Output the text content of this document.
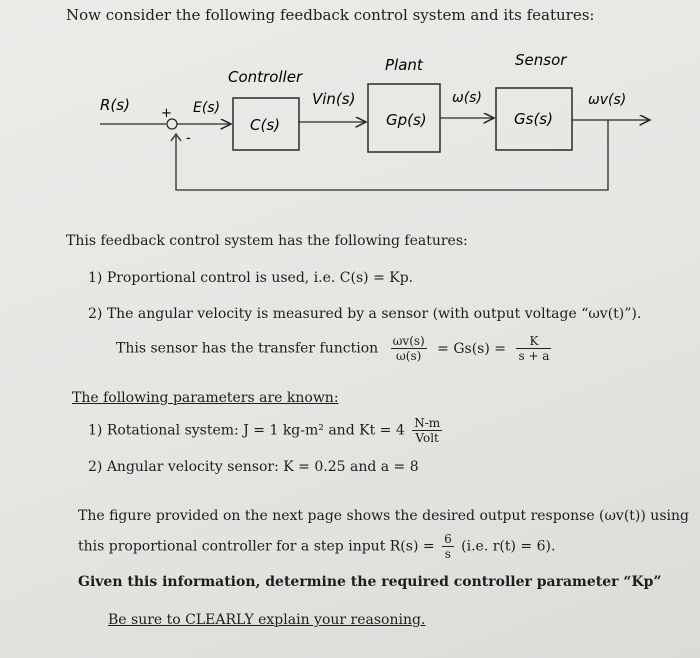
Now consider the following feedback control system and its features:
R(s) +
-
E(s)
Controller
C(s)
Vin(s)
Plant
Gp(s)
ω(s)
Sensor
Gs(s)
ωv(s)
This feedback control system has the following features:
1) Proportional control is used, i.e. C(s) = Kp.
2) The angular velocity is measured by a sensor (with output voltage “ωv(t)”).
This sensor has the transfer function $\frac{\omega v(s)}{\omega(s)} = Gs(s) = \frac{K}{s + a}$
The following parameters are known:
1) Rotational system: J = 1 kg-m² and $Kt = 4 \frac{N-m}{\text{Volt}}$
2) Angular velocity sensor: K = 0.25 and a = 8
The figure provided on the next page shows the desired output response (ωv(t)) using
this proportional controller for a step input $R(s) = \frac{6}{s} (i.e$. r(t) = 6).
Given this information, determine the required controller parameter “Kp”
Be sure to CLEARLY explain your reasoning.
